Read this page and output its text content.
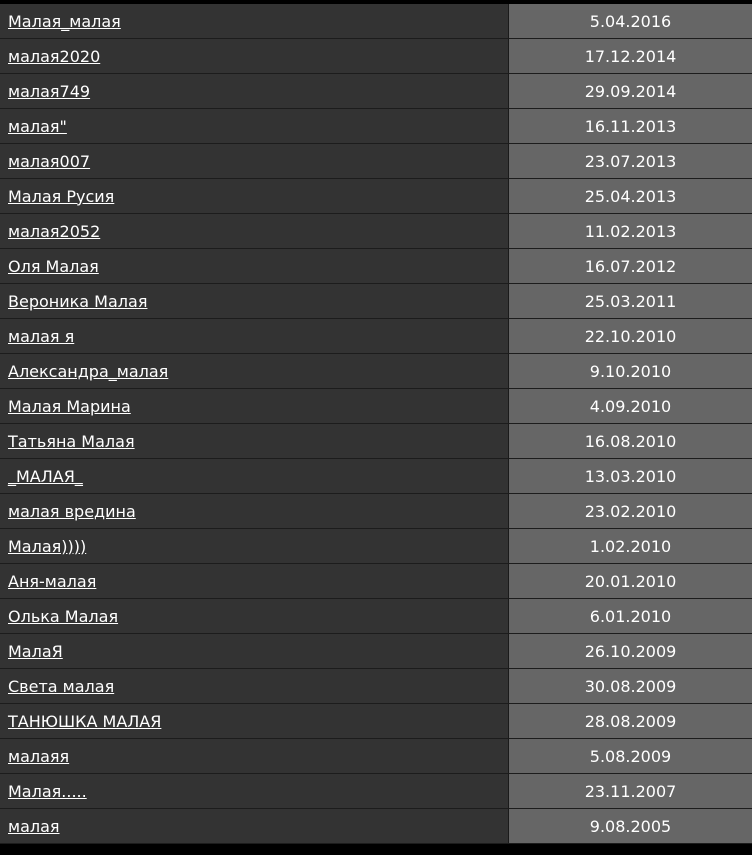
Малая_малая	5.04.2016
малая2020	17.12.2014
малая749	29.09.2014
малая"	16.11.2013
малая007	23.07.2013
Малая Русия	25.04.2013
малая2052	11.02.2013
Оля Малая	16.07.2012
Вероника Малая	25.03.2011
малая я	22.10.2010
Александра_малая	9.10.2010
Малая Марина	4.09.2010
Татьяна Малая	16.08.2010
_МАЛАЯ_	13.03.2010
малая вредина	23.02.2010
Малая))))	1.02.2010
Аня-малая	20.01.2010
Олька Малая	6.01.2010
МалаЯ	26.10.2009
Света малая	30.08.2009
ТАНЮШКА МАЛАЯ	28.08.2009
малаяя	5.08.2009
Малая.....	23.11.2007
малая	9.08.2005
